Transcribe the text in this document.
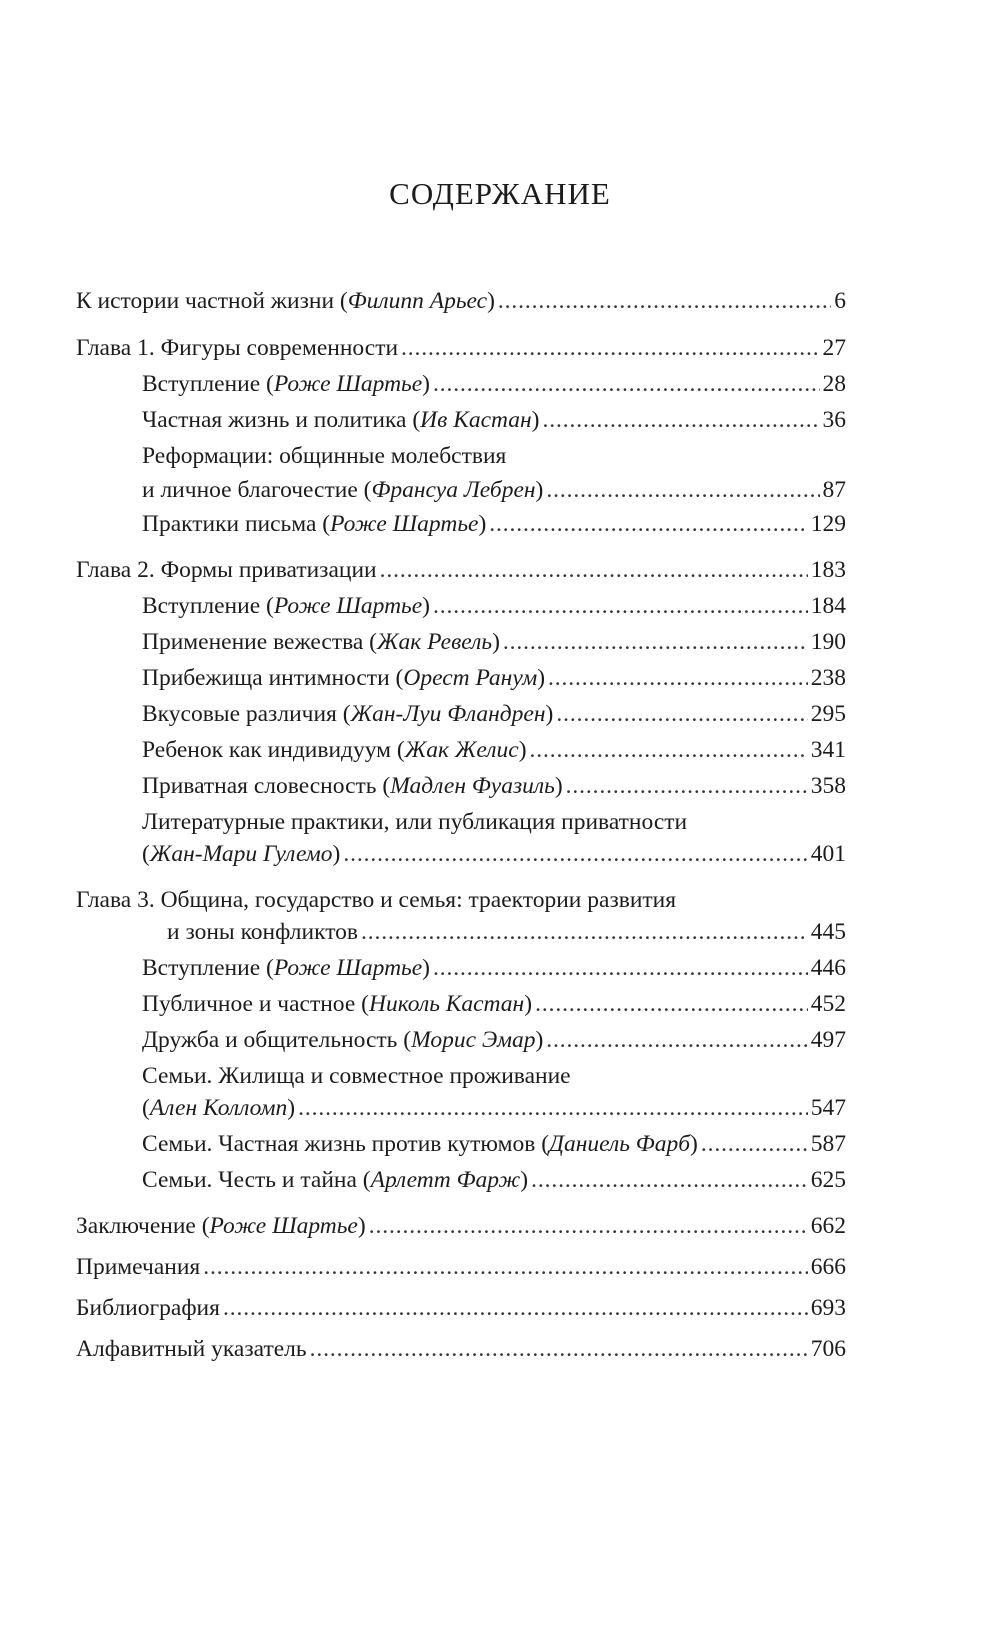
СОДЕРЖАНИЕ
К истории частной жизни ( Филипп Арьес ) . . .	6
Глава 1. Фигуры современности . . .	27
Вступление ( Роже Шартье ) . . .	28
Частная жизнь и политика ( Ив Кастан ) . . .	36
Реформации: общинные молебствия
и личное благочестие ( Франсуа Лебрен ) . . .	87
Практики письма ( Роже Шартье ) . . .	129
Глава 2. Формы приватизации . . .	183
Вступление ( Роже Шартье ) . . .	184
Применение вежества ( Жак Ревель ) . . .	190
Прибежища интимности ( Орест Ранум ) . . .	238
Вкусовые различия ( Жан-Луи Фландрен ) . . .	295
Ребенок как индивидуум ( Жак Желис ) . . .	341
Приватная словесность ( Мадлен Фуазиль ) . . .	358
Литературные практики, или публикация приватности
( Жан-Мари Гулемо ) . . .	401
Глава 3. Община, государство и семья: траектории развития
и зоны конфликтов . . .	445
Вступление ( Роже Шартье ) . . .	446
Публичное и частное ( Николь Кастан ) . . .	452
Дружба и общительность ( Морис Эмар ) . . .	497
Семьи. Жилища и совместное проживание
( Ален Колломп ) . . .	547
Семьи. Частная жизнь против кутюмов ( Даниель Фарб ) . . .	587
Семьи. Честь и тайна ( Арлетт Фарж ) . . .	625
Заключение ( Роже Шартье ) . . .	662
Примечания . . .	666
Библиография . . .	693
Алфавитный указатель . . .	706
